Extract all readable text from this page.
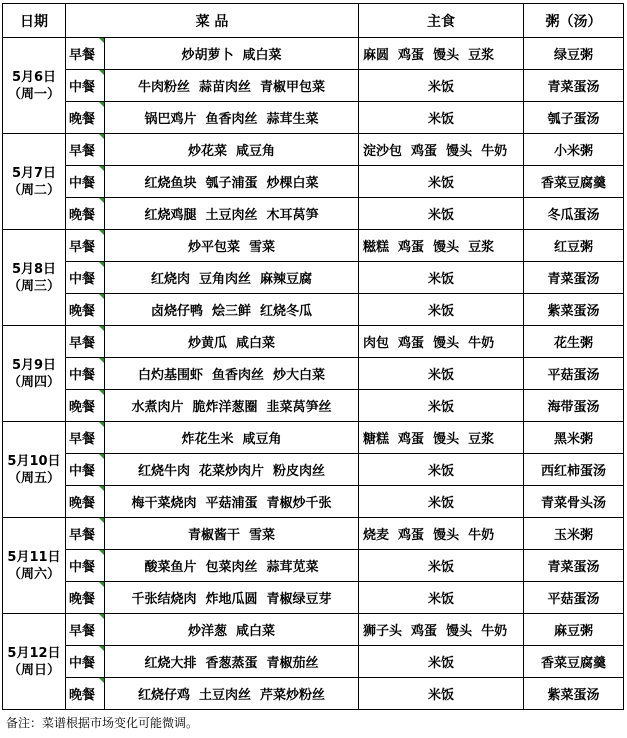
日期	菜 品		主食	粥（汤）

5月6日
（周一）	早餐	炒胡萝卜  咸白菜	麻圆  鸡蛋  馒头  豆浆	绿豆粥
	中餐	牛肉粉丝  蒜苗肉丝  青椒甲包菜	米饭	青菜蛋汤
	晚餐	锅巴鸡片  鱼香肉丝  蒜茸生菜	米饭	瓠子蛋汤

5月7日
（周二）	早餐	炒花菜  咸豆角	淀沙包  鸡蛋  馒头  牛奶	小米粥
	中餐	红烧鱼块  瓠子浦蛋  炒棵白菜	米饭	香菜豆腐羹
	晚餐	红烧鸡腿  土豆肉丝  木耳莴笋	米饭	冬瓜蛋汤

5月8日
（周三）	早餐	炒平包菜  雪菜	糍糕  鸡蛋  馒头  豆浆	红豆粥
	中餐	红烧肉  豆角肉丝  麻辣豆腐	米饭	青菜蛋汤
	晚餐	卤烧仔鸭  烩三鲜  红烧冬瓜	米饭	紫菜蛋汤

5月9日
（周四）	早餐	炒黄瓜  咸白菜	肉包  鸡蛋  馒头  牛奶	花生粥
	中餐	白灼基围虾  鱼香肉丝  炒大白菜	米饭	平菇蛋汤
	晚餐	水煮肉片  脆炸洋葱圈  韭菜莴笋丝	米饭	海带蛋汤

5月10日
（周五）	早餐	炸花生米  咸豆角	糖糕  鸡蛋  馒头  豆浆	黑米粥
	中餐	红烧牛肉  花菜炒肉片  粉皮肉丝	米饭	西红柿蛋汤
	晚餐	梅干菜烧肉  平菇浦蛋  青椒炒千张	米饭	青菜骨头汤

5月11日
（周六）	早餐	青椒酱干  雪菜	烧麦  鸡蛋  馒头  牛奶	玉米粥
	中餐	酸菜鱼片  包菜肉丝  蒜茸苋菜	米饭	青菜蛋汤
	晚餐	千张结烧肉  炸地瓜圆  青椒绿豆芽	米饭	平菇蛋汤

5月12日
（周日）	早餐	炒洋葱  咸白菜	狮子头  鸡蛋  馒头  牛奶	麻豆粥
	中餐	红烧大排  香葱蒸蛋  青椒茄丝	米饭	香菜豆腐羹
	晚餐	红烧仔鸡  土豆肉丝  芹菜炒粉丝	米饭	紫菜蛋汤
备注：菜谱根据市场变化可能微调。
